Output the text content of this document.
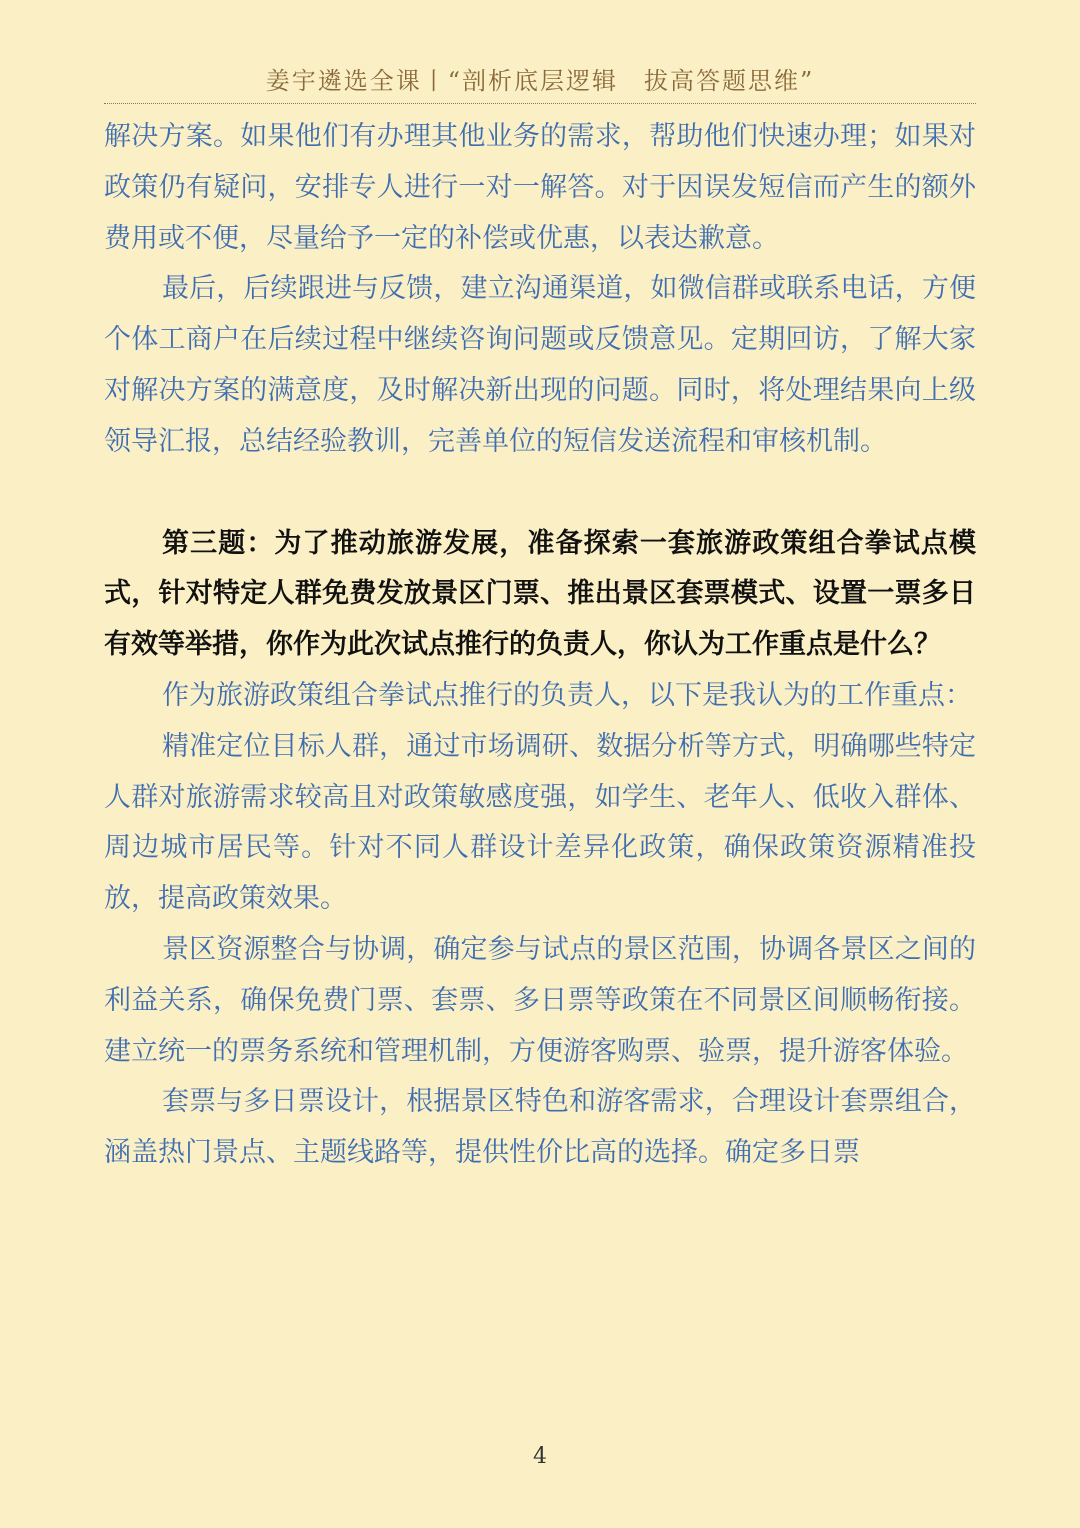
姜宇遴选全课丨“剖析底层逻辑　拔高答题思维”

解决方案。如果他们有办理其他业务的需求，帮助他们快速办理；如果对政策仍有疑问，安排专人进行一对一解答。对于因误发短信而产生的额外费用或不便，尽量给予一定的补偿或优惠，以表达歉意。

最后，后续跟进与反馈，建立沟通渠道，如微信群或联系电话，方便个体工商户在后续过程中继续咨询问题或反馈意见。定期回访，了解大家对解决方案的满意度，及时解决新出现的问题。同时，将处理结果向上级领导汇报，总结经验教训，完善单位的短信发送流程和审核机制。

第三题：为了推动旅游发展，准备探索一套旅游政策组合拳试点模式，针对特定人群免费发放景区门票、推出景区套票模式、设置一票多日有效等举措，你作为此次试点推行的负责人，你认为工作重点是什么？

作为旅游政策组合拳试点推行的负责人，以下是我认为的工作重点：

精准定位目标人群，通过市场调研、数据分析等方式，明确哪些特定人群对旅游需求较高且对政策敏感度强，如学生、老年人、低收入群体、周边城市居民等。针对不同人群设计差异化政策，确保政策资源精准投放，提高政策效果。

景区资源整合与协调，确定参与试点的景区范围，协调各景区之间的利益关系，确保免费门票、套票、多日票等政策在不同景区间顺畅衔接。建立统一的票务系统和管理机制，方便游客购票、验票，提升游客体验。

套票与多日票设计，根据景区特色和游客需求，合理设计套票组合，涵盖热门景点、主题线路等，提供性价比高的选择。确定多日票

4
